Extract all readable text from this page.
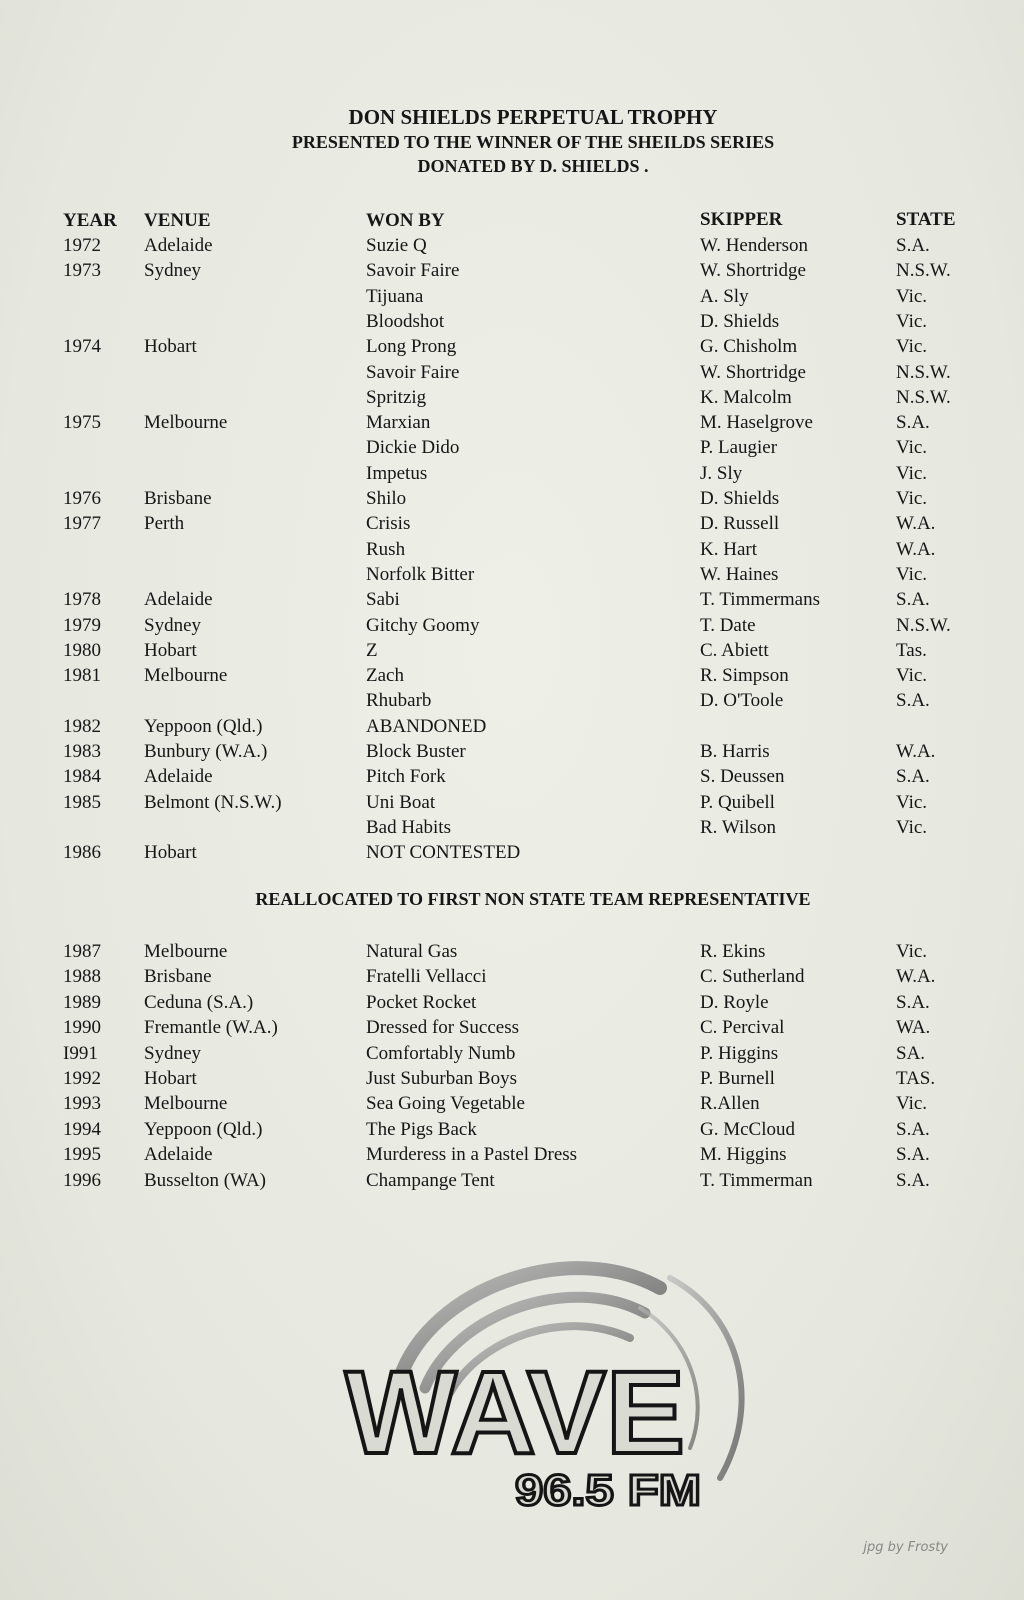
DON SHIELDS PERPETUAL TROPHY
PRESENTED TO THE WINNER OF THE SHEILDS SERIES
DONATED BY D. SHIELDS .
YEAR VENUE	WON BY	SKIPPER	STATE
1972 Adelaide	Suzie Q	W. Henderson	S.A.
1973 Sydney	Savoir Faire	W. Shortridge	N.S.W.
Tijuana	A. Sly	Vic.
Bloodshot	D. Shields	Vic.
1974 Hobart	Long Prong	G. Chisholm	Vic.
Savoir Faire	W. Shortridge	N.S.W.
Spritzig	K. Malcolm	N.S.W.
1975 Melbourne	Marxian	M. Haselgrove	S.A.
Dickie Dido	P. Laugier	Vic.
Impetus	J. Sly	Vic.
1976 Brisbane	Shilo	D. Shields	Vic.
1977 Perth	Crisis	D. Russell	W.A.
Rush	K. Hart	W.A.
Norfolk Bitter	W. Haines	Vic.
1978 Adelaide	Sabi	T. Timmermans	S.A.
1979 Sydney	Gitchy Goomy	T. Date	N.S.W.
1980 Hobart	Z	C. Abiett	Tas.
1981 Melbourne	Zach	R. Simpson	Vic.
Rhubarb	D. O'Toole	S.A.
1982 Yeppoon (Qld.)	ABANDONED
1983 Bunbury (W.A.)	Block Buster	B. Harris	W.A.
1984 Adelaide	Pitch Fork	S. Deussen	S.A.
1985 Belmont (N.S.W.)	Uni Boat	P. Quibell	Vic.
Bad Habits	R. Wilson	Vic.
1986 Hobart	NOT CONTESTED
1987 Melbourne	Natural Gas	R. Ekins	Vic.
1988 Brisbane	Fratelli Vellacci	C. Sutherland	W.A.
1989 Ceduna (S.A.)	Pocket Rocket	D. Royle	S.A.
1990 Fremantle (W.A.)	Dressed for Success	C. Percival	WA.
I991 Sydney	Comfortably Numb	P. Higgins	SA.
1992 Hobart	Just Suburban Boys	P. Burnell	TAS.
1993 Melbourne	Sea Going Vegetable	R.Allen	Vic.
1994 Yeppoon (Qld.)	The Pigs Back	G. McCloud	S.A.
1995 Adelaide	Murderess in a Pastel Dress	M. Higgins	S.A.
1996 Busselton (WA)	Champange Tent	T. Timmerman	S.A.
REALLOCATED TO FIRST NON STATE TEAM REPRESENTATIVE
WAVE
96.5 FM
jpg by Frosty
